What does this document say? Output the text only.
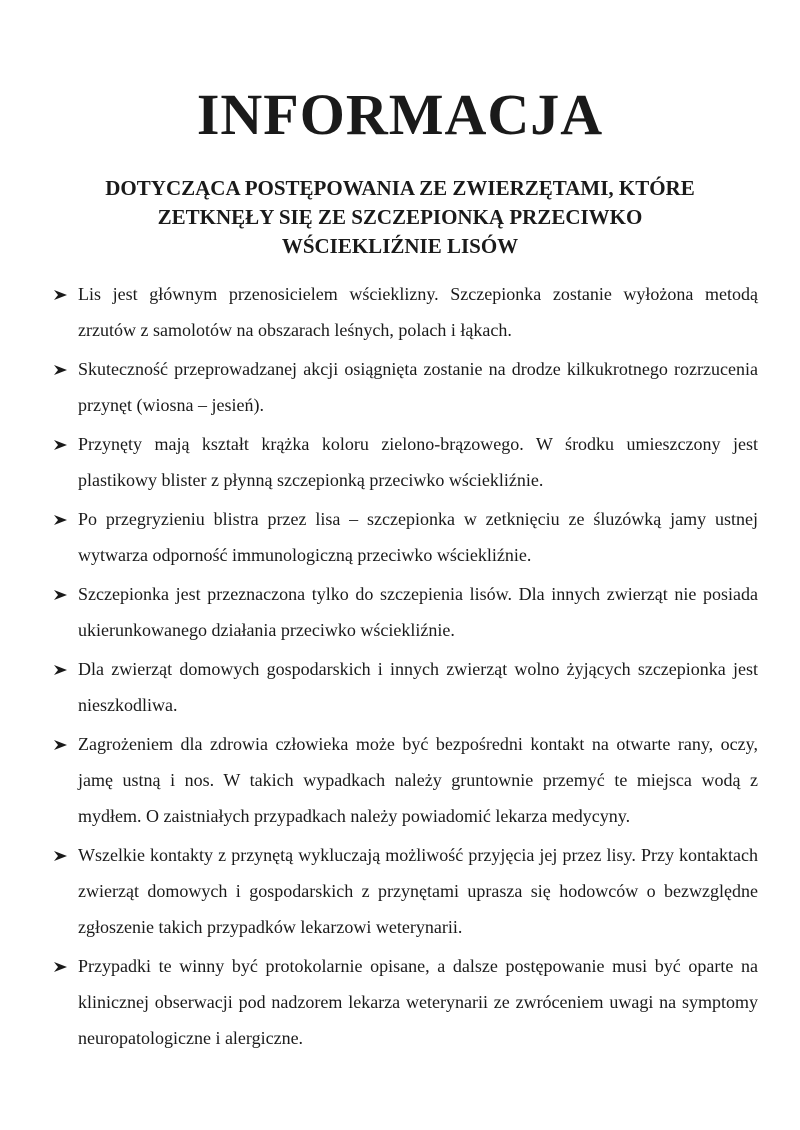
INFORMACJA
DOTYCZĄCA POSTĘPOWANIA ZE ZWIERZĘTAMI, KTÓRE
ZETKNĘŁY SIĘ ZE SZCZEPIONKĄ PRZECIWKO
WŚCIEKLIŹNIE LISÓW
Lis jest głównym przenosicielem wścieklizny. Szczepionka zostanie wyłożona metodą zrzutów z samolotów na obszarach leśnych, polach i łąkach.
Skuteczność przeprowadzanej akcji osiągnięta zostanie na drodze kilkukrotnego rozrzucenia przynęt (wiosna – jesień).
Przynęty mają kształt krążka koloru zielono-brązowego. W środku umieszczony jest plastikowy blister z płynną szczepionką przeciwko wściekliźnie.
Po przegryzieniu blistra przez lisa – szczepionka w zetknięciu ze śluzówką jamy ustnej wytwarza odporność immunologiczną przeciwko wściekliźnie.
Szczepionka jest przeznaczona tylko do szczepienia lisów. Dla innych zwierząt nie posiada ukierunkowanego działania przeciwko wściekliźnie.
Dla zwierząt domowych gospodarskich i innych zwierząt wolno żyjących szczepionka jest nieszkodliwa.
Zagrożeniem dla zdrowia człowieka może być bezpośredni kontakt na otwarte rany, oczy, jamę ustną i nos. W takich wypadkach należy gruntownie przemyć te miejsca wodą z mydłem. O zaistniałych przypadkach należy powiadomić lekarza medycyny.
Wszelkie kontakty z przynętą wykluczają możliwość przyjęcia jej przez lisy. Przy kontaktach zwierząt domowych i gospodarskich z przynętami uprasza się hodowców o bezwzględne zgłoszenie takich przypadków lekarzowi weterynarii.
Przypadki te winny być protokolarnie opisane, a dalsze postępowanie musi być oparte na klinicznej obserwacji pod nadzorem lekarza weterynarii ze zwróceniem uwagi na symptomy neuropatologiczne i alergiczne.
